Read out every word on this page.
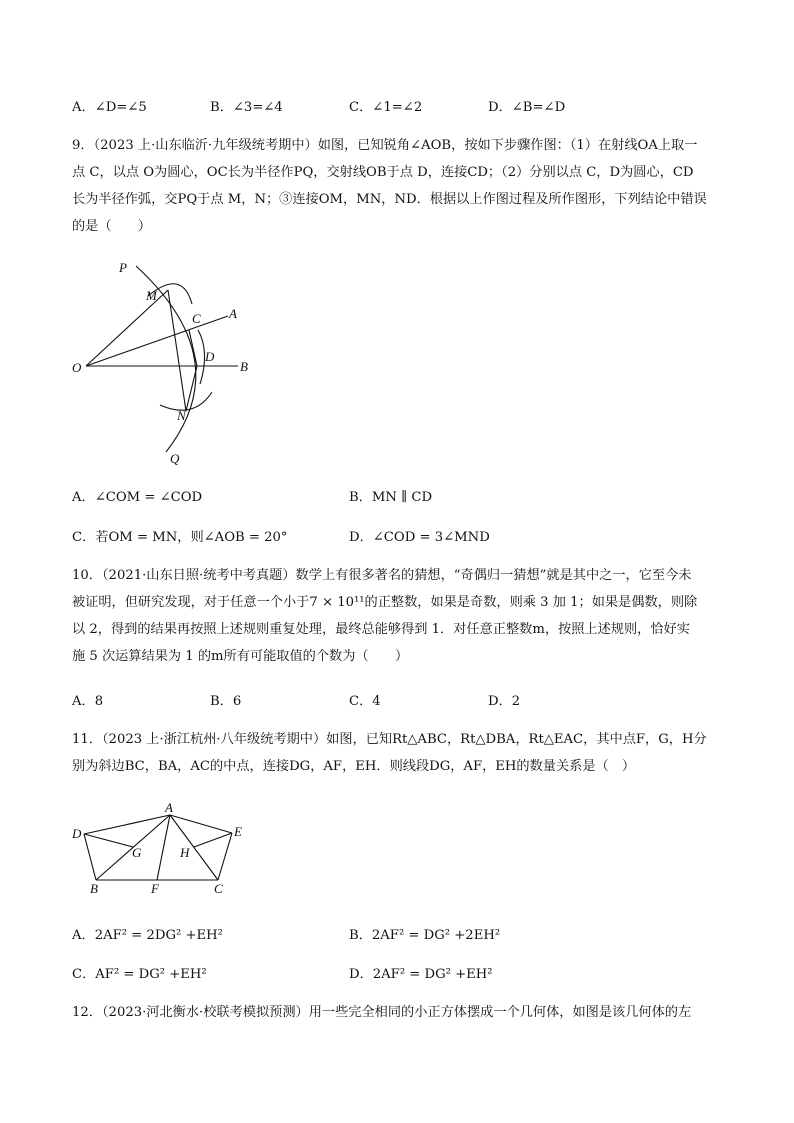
A．∠D=∠5	B．∠3=∠4	C．∠1=∠2	D．∠B=∠D
9．（2023 上·山东临沂·九年级统考期中）如图，已知锐角∠AOB，按如下步骤作图：（1）在射线OA上取一
点 C，以点 O为圆心，OC长为半径作PQ，交射线OB于点 D，连接CD；（2）分别以点 C，D为圆心，CD
长为半径作弧，交PQ于点 M，N；③连接OM，MN，ND．根据以上作图过程及所作图形，下列结论中错误
的是（　　）
P
M
C A
O
D
B
N
Q
A．∠COM = ∠COD	B．MN ∥ CD
C．若OM = MN，则∠AOB = 20°	D．∠COD = 3∠MND
10．（2021·山东日照·统考中考真题）数学上有很多著名的猜想，“奇偶归一猜想”就是其中之一，它至今未
被证明，但研究发现，对于任意一个小于7 × 10¹¹的正整数，如果是奇数，则乘 3 加 1；如果是偶数，则除
以 2，得到的结果再按照上述规则重复处理，最终总能够得到 1．对任意正整数m，按照上述规则，恰好实
施 5 次运算结果为 1 的m所有可能取值的个数为（　　）
A．8	B．6	C．4	D．2
11．（2023 上·浙江杭州·八年级统考期中）如图，已知Rt△ABC，Rt△DBA，Rt△EAC，其中点F，G，H分
别为斜边BC，BA，AC的中点，连接DG，AF，EH．则线段DG，AF，EH的数量关系是（　）
A
D	E
G	H
B	F	C
A．2AF² = 2DG² +EH²	B．2AF² = DG² +2EH²
C．AF² = DG² +EH²	D．2AF² = DG² +EH²
12．（2023·河北衡水·校联考模拟预测）用一些完全相同的小正方体摆成一个几何体，如图是该几何体的左
